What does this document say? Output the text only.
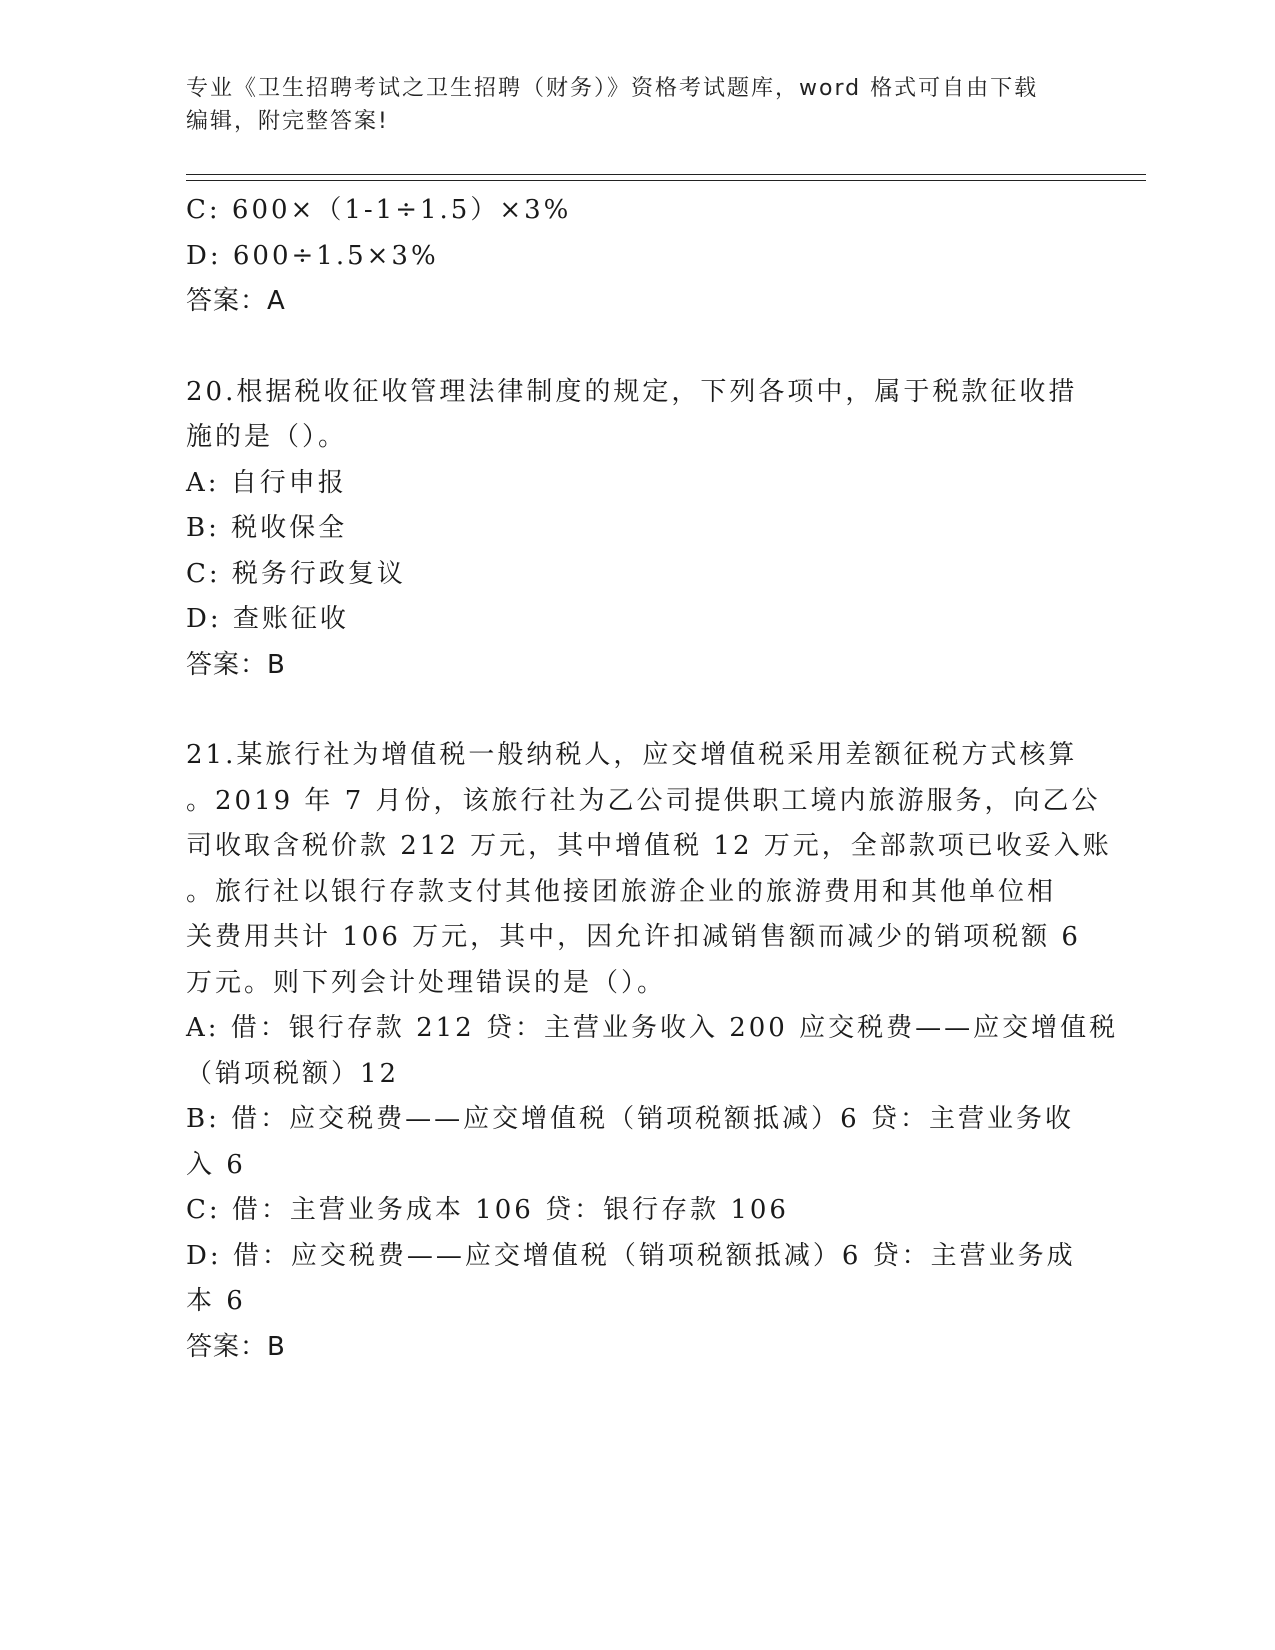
专业《卫生招聘考试之卫生招聘（财务）》资格考试题库，word 格式可自由下载
编辑，附完整答案!
C: 600×（1-1÷1.5）×3%
D: 600÷1.5×3%
答案：A
20.根据税收征收管理法律制度的规定，下列各项中，属于税款征收措
施的是（）。
A: 自行申报
B: 税收保全
C: 税务行政复议
D: 查账征收
答案：B
21.某旅行社为增值税一般纳税人，应交增值税采用差额征税方式核算
。2019 年 7 月份，该旅行社为乙公司提供职工境内旅游服务，向乙公
司收取含税价款 212 万元，其中增值税 12 万元，全部款项已收妥入账
。旅行社以银行存款支付其他接团旅游企业的旅游费用和其他单位相
关费用共计 106 万元，其中，因允许扣减销售额而减少的销项税额 6
万元。则下列会计处理错误的是（）。
A: 借：银行存款 212 贷：主营业务收入 200 应交税费——应交增值税
（销项税额）12
B: 借：应交税费——应交增值税（销项税额抵减）6 贷：主营业务收
入 6
C: 借：主营业务成本 106 贷：银行存款 106
D: 借：应交税费——应交增值税（销项税额抵减）6 贷：主营业务成
本 6
答案：B
